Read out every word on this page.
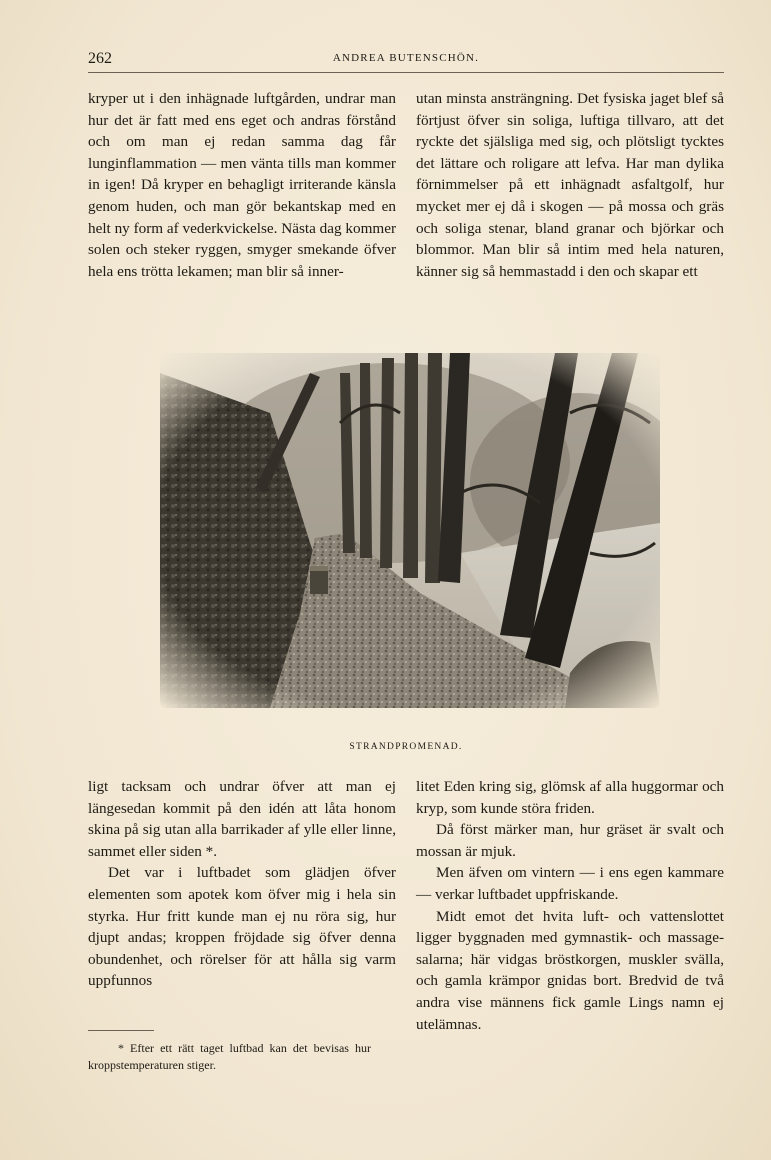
262	ANDREA BUTENSCHÖN.

kryper ut i den inhägnade luftgården, undrar man hur det är fatt med ens eget och andras förstånd och om man ej redan samma dag får lunginflammation — men vänta tills man kommer in igen! Då kryper en behagligt irriterande känsla genom huden, och man gör bekantskap med en helt ny form af vederkvickelse. Nästa dag kommer solen och steker ryggen, smyger smekande öfver hela ens trötta lekamen; man blir så inner-

utan minsta ansträngning. Det fysiska jaget blef så förtjust öfver sin soliga, luftiga tillvaro, att det ryckte det själsliga med sig, och plötsligt tycktes det lättare och roligare att lefva. Har man dylika förnimmelser på ett inhägnadt asfaltgolf, hur mycket mer ej då i skogen — på mossa och gräs och soliga stenar, bland granar och björkar och blommor. Man blir så intim med hela naturen, känner sig så hemmastadd i den och skapar ett

STRANDPROMENAD.

ligt tacksam och undrar öfver att man ej längesedan kommit på den idén att låta honom skina på sig utan alla barrikader af ylle eller linne, sammet eller siden *.

Det var i luftbadet som glädjen öfver elementen som apotek kom öfver mig i hela sin styrka. Hur fritt kunde man ej nu röra sig, hur djupt andas; kroppen fröjdade sig öfver denna obundenhet, och rörelser för att hålla sig varm uppfunnos

litet Eden kring sig, glömsk af alla huggormar och kryp, som kunde störa friden.

Då först märker man, hur gräset är svalt och mossan är mjuk.

Men äfven om vintern — i ens egen kammare — verkar luftbadet uppfriskande.

Midt emot det hvita luft- och vattenslottet ligger byggnaden med gymnastik- och massage-salarna; här vidgas bröstkorgen, muskler svälla, och gamla krämpor gnidas bort. Bredvid de två andra vise männens fick gamle Lings namn ej utelämnas.

* Efter ett rätt taget luftbad kan det bevisas hur kroppstemperaturen stiger.
